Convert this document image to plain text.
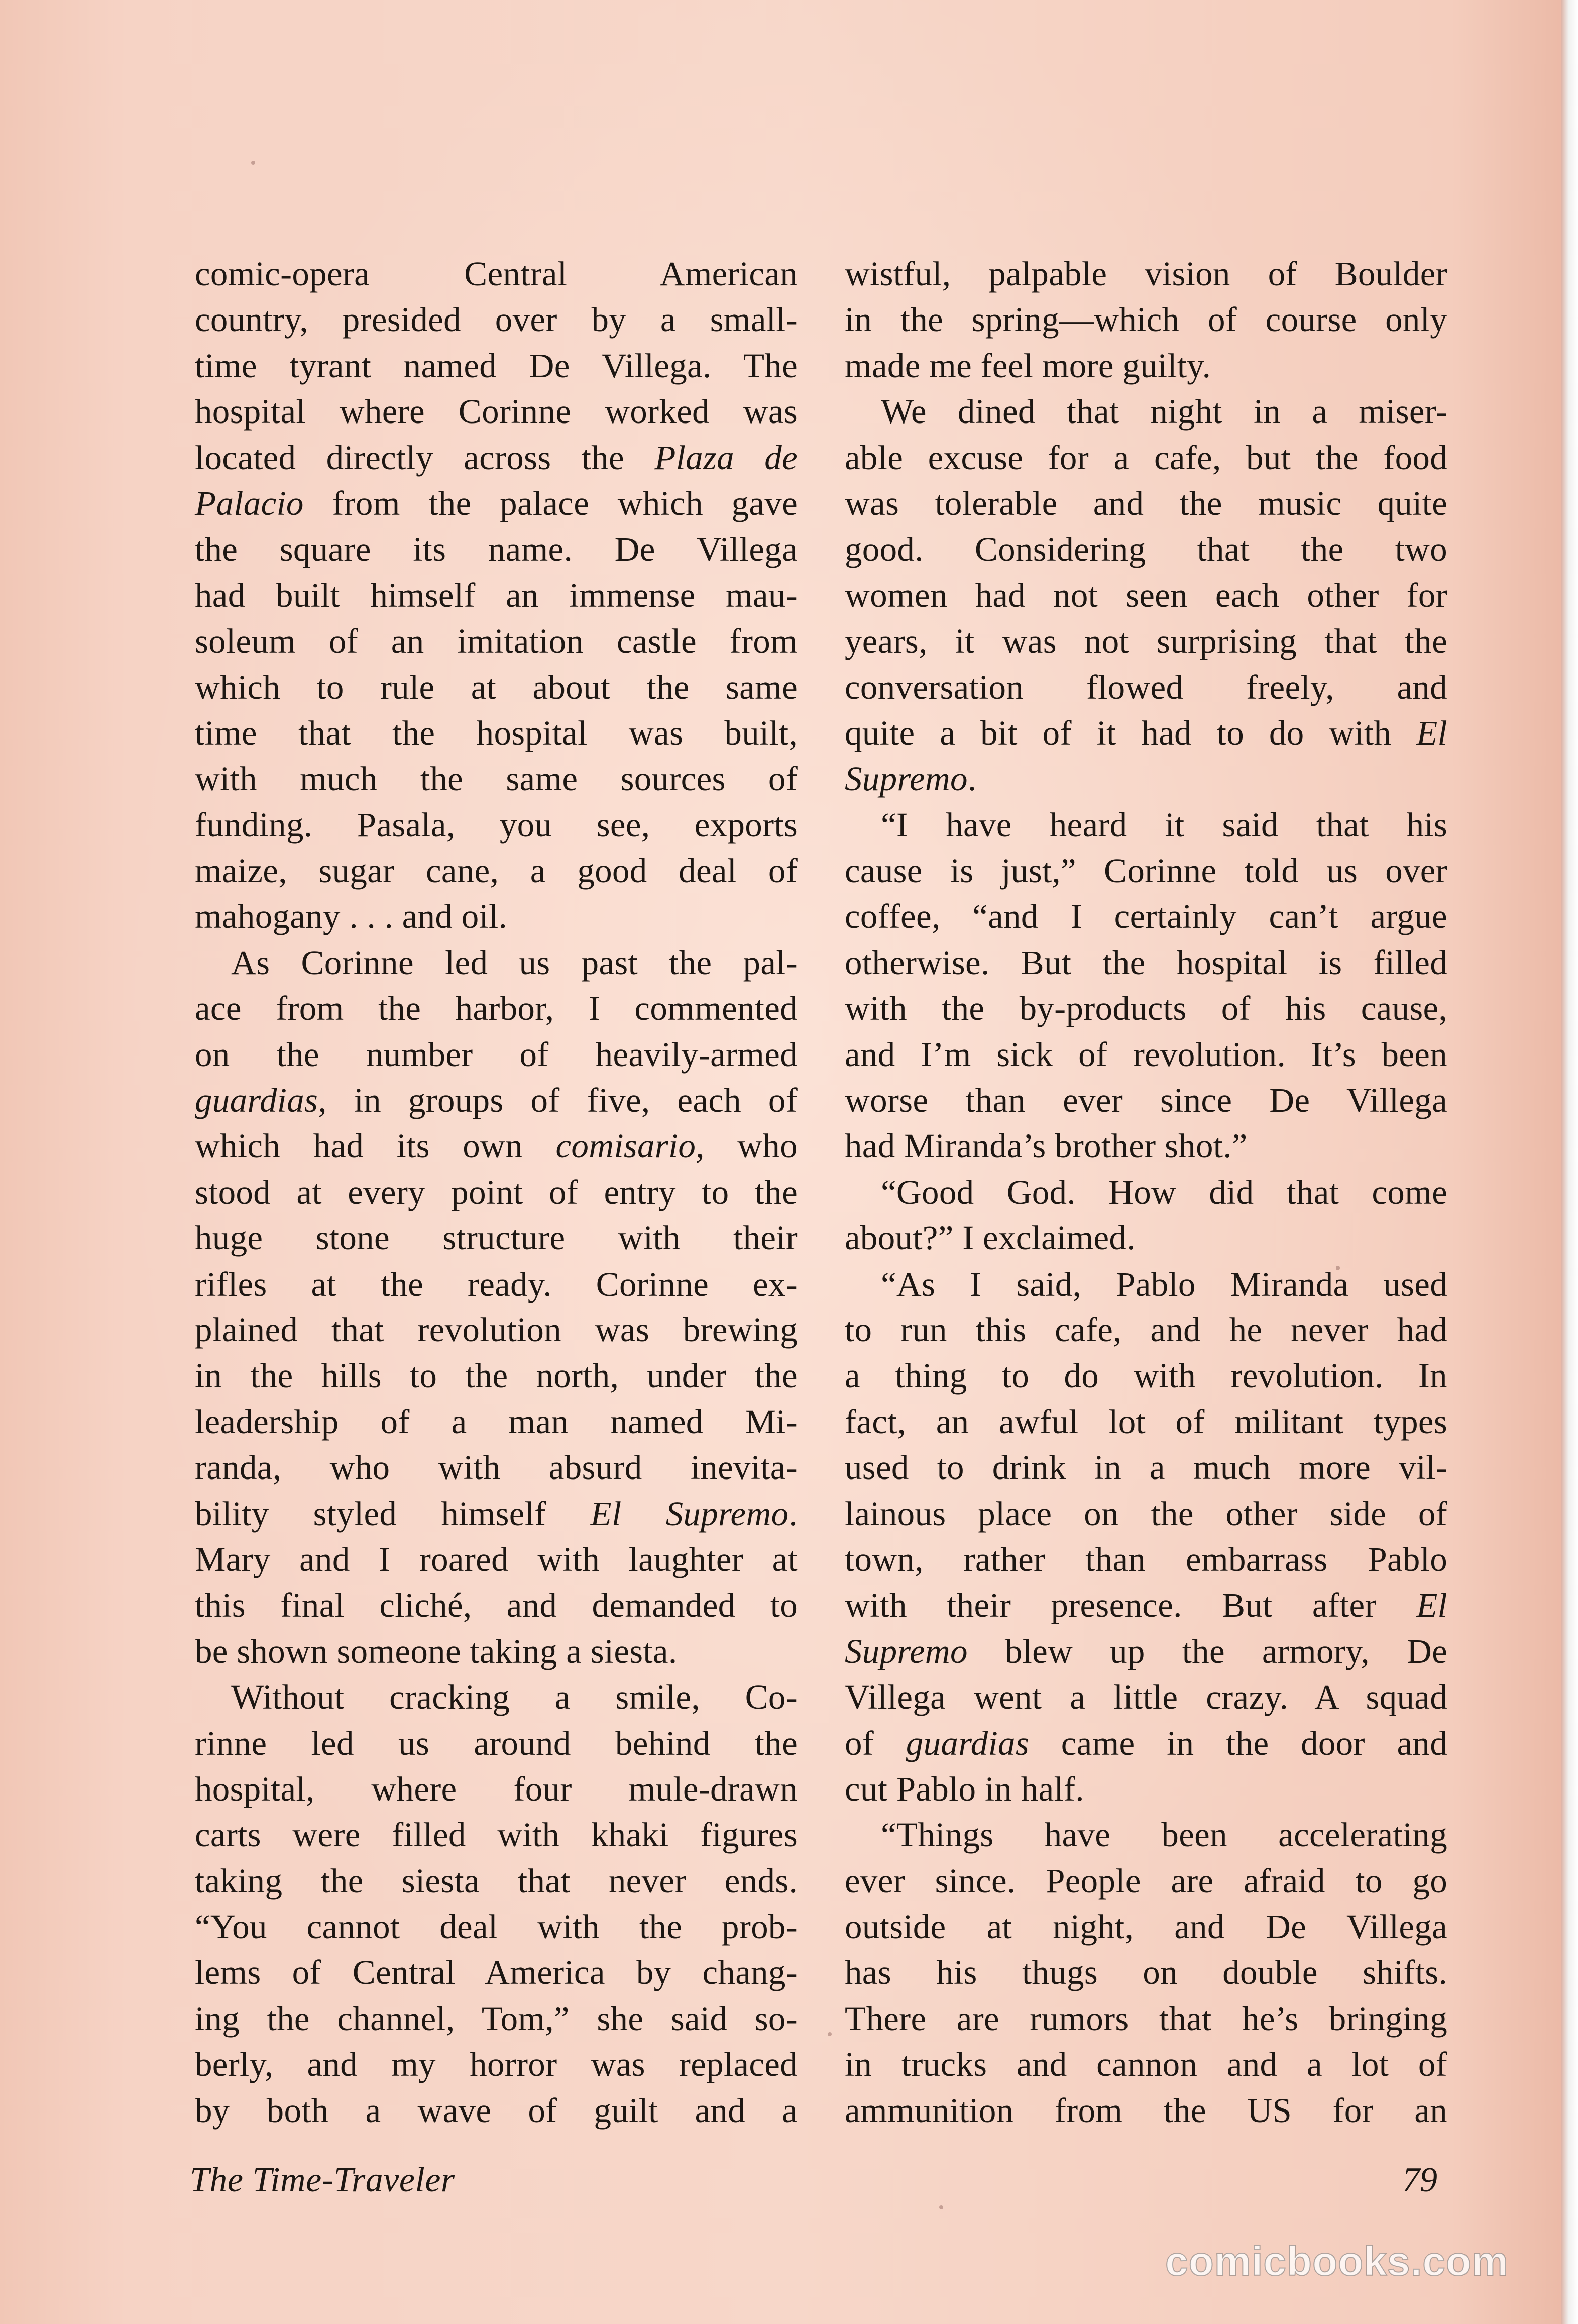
comic-opera Central American
country, presided over by a small-
time tyrant named De Villega. The
hospital where Corinne worked was
located directly across the Plaza de
Palacio from the palace which gave
the square its name. De Villega
had built himself an immense mau-
soleum of an imitation castle from
which to rule at about the same
time that the hospital was built,
with much the same sources of
funding. Pasala, you see, exports
maize, sugar cane, a good deal of
mahogany . . . and oil.
As Corinne led us past the pal-
ace from the harbor, I commented
on the number of heavily-armed
guardias, in groups of five, each of
which had its own comisario, who
stood at every point of entry to the
huge stone structure with their
rifles at the ready. Corinne ex-
plained that revolution was brewing
in the hills to the north, under the
leadership of a man named Mi-
randa, who with absurd inevita-
bility styled himself El Supremo.
Mary and I roared with laughter at
this final cliché, and demanded to
be shown someone taking a siesta.
Without cracking a smile, Co-
rinne led us around behind the
hospital, where four mule-drawn
carts were filled with khaki figures
taking the siesta that never ends.
“You cannot deal with the prob-
lems of Central America by chang-
ing the channel, Tom,” she said so-
berly, and my horror was replaced
by both a wave of guilt and a
wistful, palpable vision of Boulder
in the spring—which of course only
made me feel more guilty.
We dined that night in a miser-
able excuse for a cafe, but the food
was tolerable and the music quite
good. Considering that the two
women had not seen each other for
years, it was not surprising that the
conversation flowed freely, and
quite a bit of it had to do with El
Supremo.
“I have heard it said that his
cause is just,” Corinne told us over
coffee, “and I certainly can’t argue
otherwise. But the hospital is filled
with the by-products of his cause,
and I’m sick of revolution. It’s been
worse than ever since De Villega
had Miranda’s brother shot.”
“Good God. How did that come
about?” I exclaimed.
“As I said, Pablo Miranda used
to run this cafe, and he never had
a thing to do with revolution. In
fact, an awful lot of militant types
used to drink in a much more vil-
lainous place on the other side of
town, rather than embarrass Pablo
with their presence. But after El
Supremo blew up the armory, De
Villega went a little crazy. A squad
of guardias came in the door and
cut Pablo in half.
“Things have been accelerating
ever since. People are afraid to go
outside at night, and De Villega
has his thugs on double shifts.
There are rumors that he’s bringing
in trucks and cannon and a lot of
ammunition from the US for an
The Time-Traveler	79
comicbooks.com
